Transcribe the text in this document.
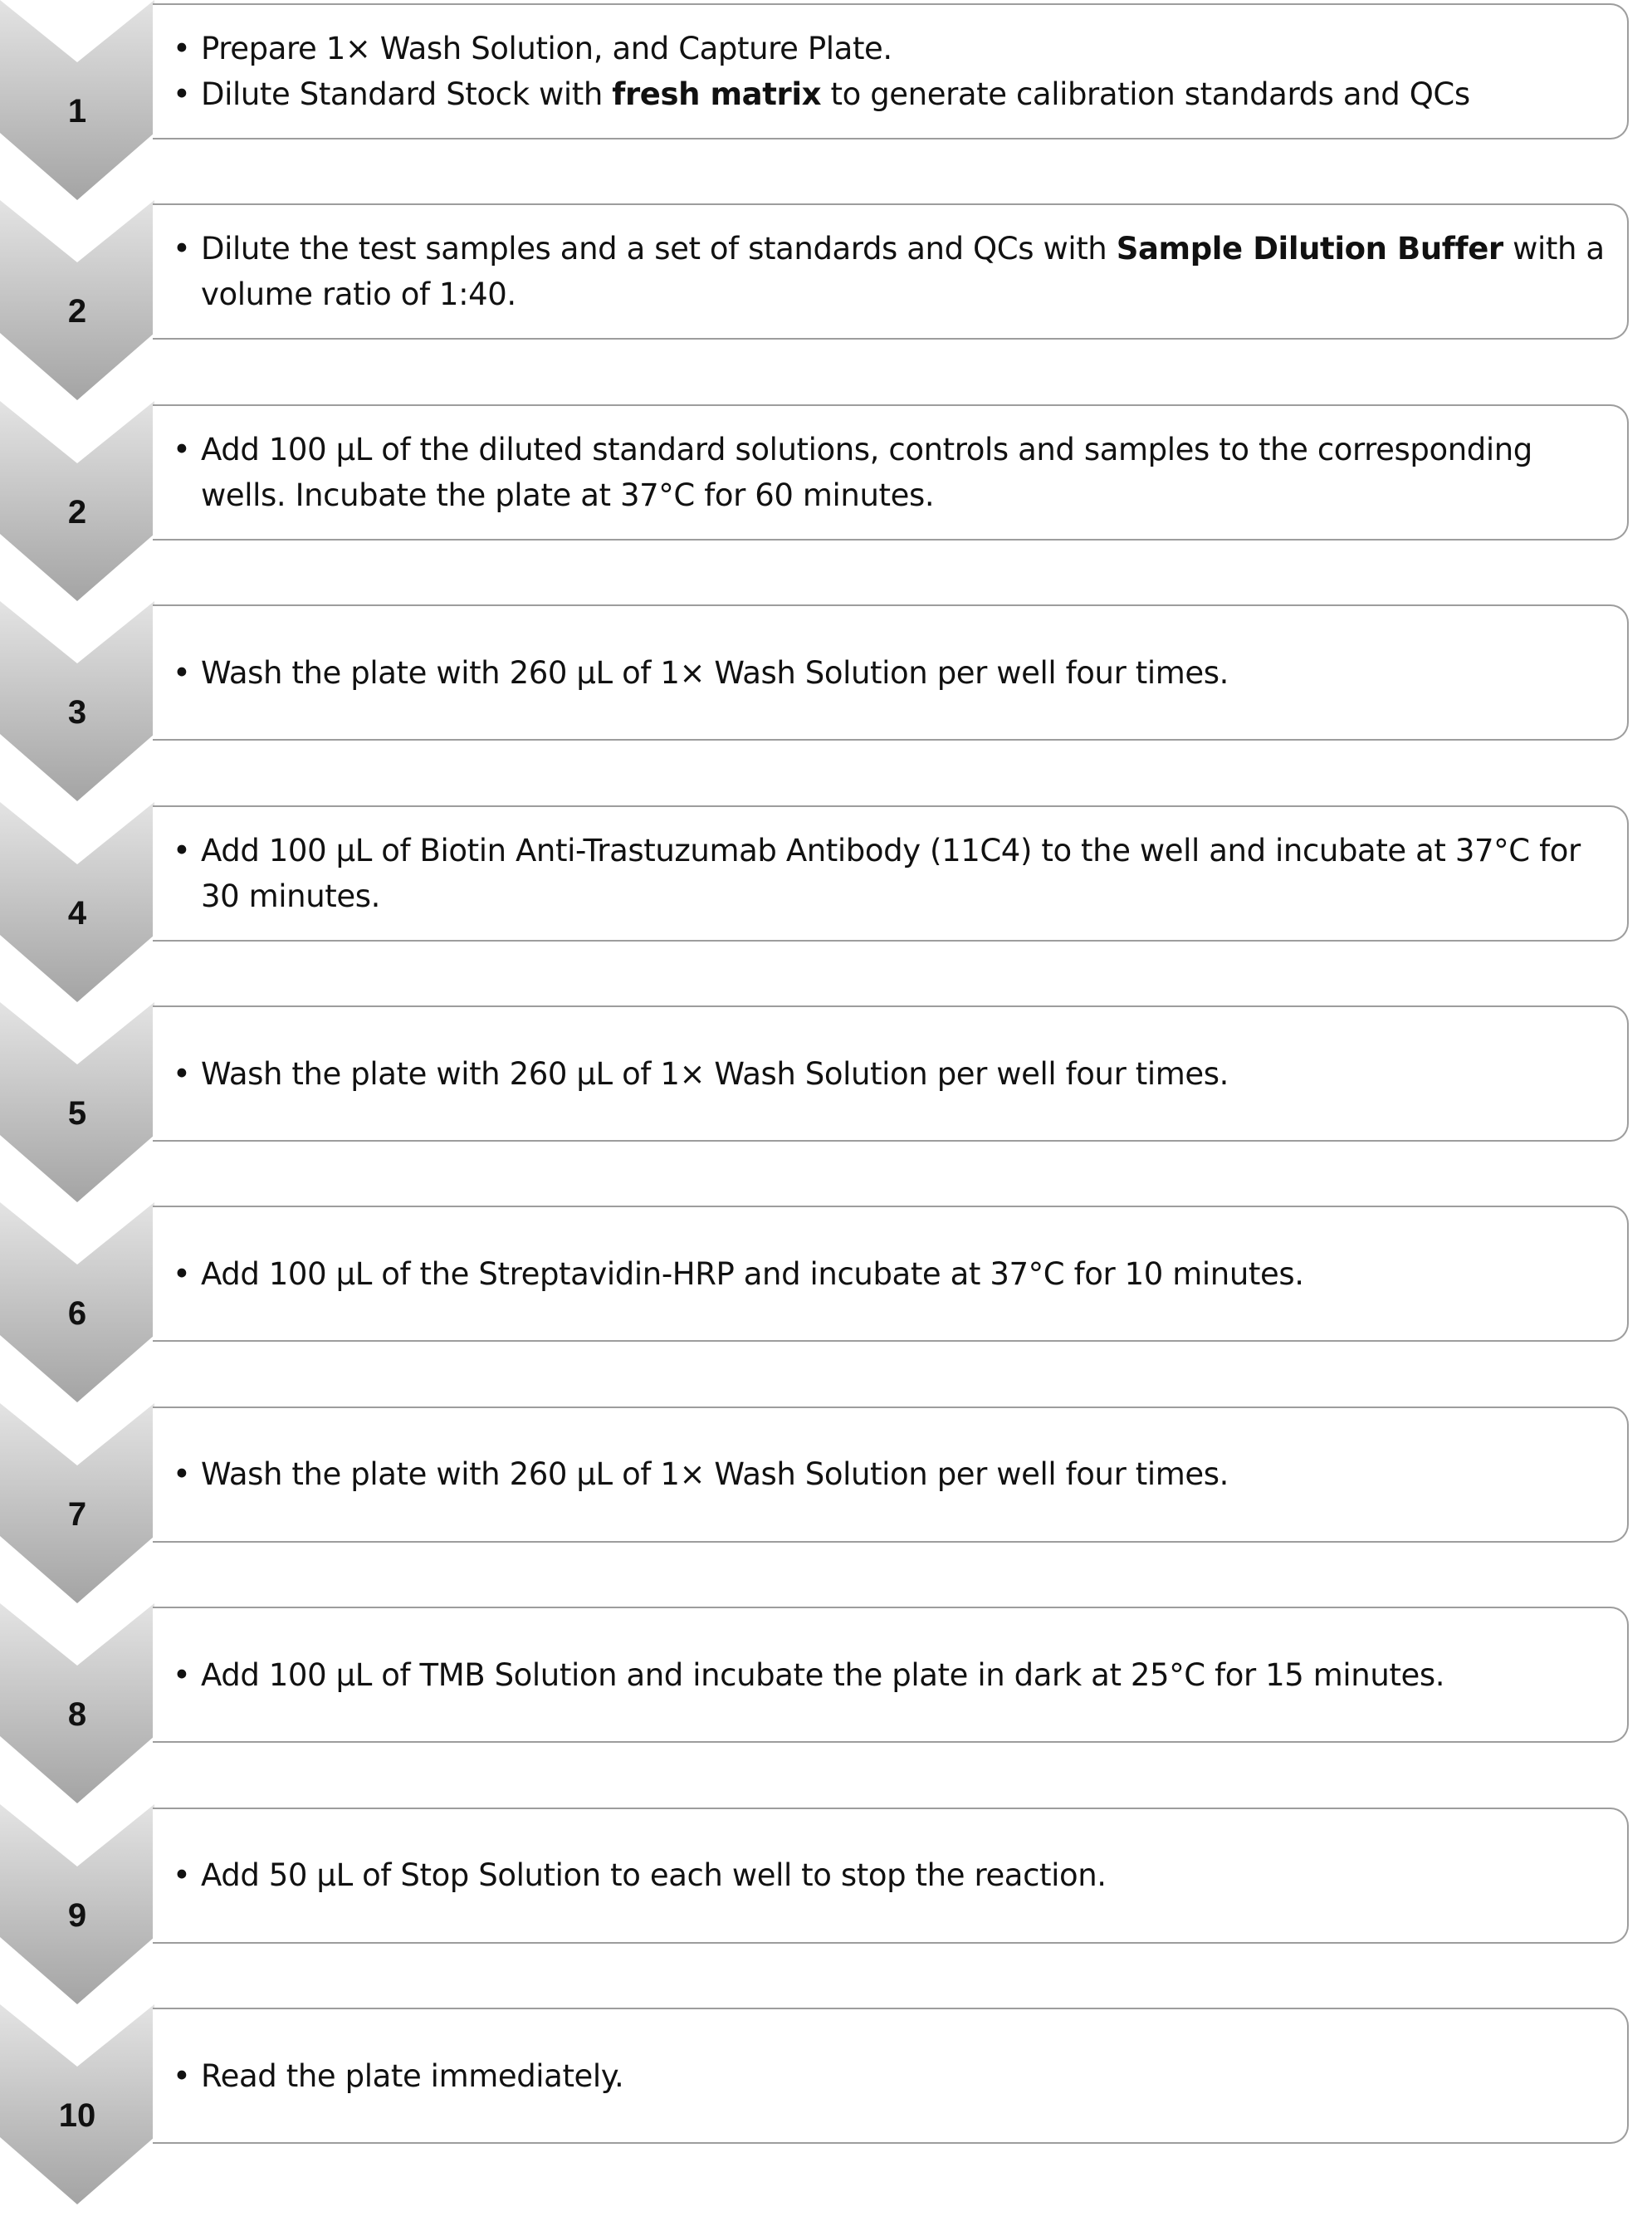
1
• Prepare 1× Wash Solution, and Capture Plate.
• Dilute Standard Stock with fresh matrix to generate calibration standards and QCs
2
• Dilute the test samples and a set of standards and QCs with Sample Dilution Buffer with a volume ratio of 1:40.
2
• Add 100 μL of the diluted standard solutions, controls and samples to the corresponding wells. Incubate the plate at 37°C for 60 minutes.
3
• Wash the plate with 260 μL of 1× Wash Solution per well four times.
4
• Add 100 μL of Biotin Anti-Trastuzumab Antibody (11C4) to the well and incubate at 37°C for 30 minutes.
5
• Wash the plate with 260 μL of 1× Wash Solution per well four times.
6
• Add 100 μL of the Streptavidin-HRP and incubate at 37°C for 10 minutes.
7
• Wash the plate with 260 μL of 1× Wash Solution per well four times.
8
• Add 100 μL of TMB Solution and incubate the plate in dark at 25°C for 15 minutes.
9
• Add 50 μL of Stop Solution to each well to stop the reaction.
10
• Read the plate immediately.
